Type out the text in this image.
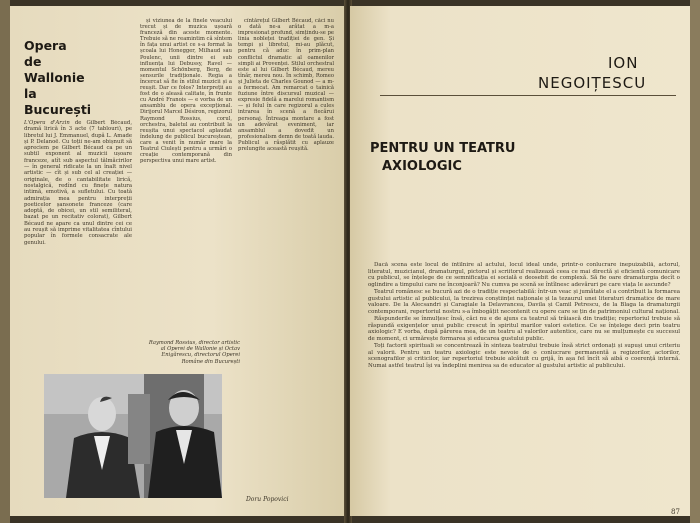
Opera
de
Wallonie
la
București
L'Opera d'Arzin de Gilbert Bécaud, dramă lirică în 3 acte (7 tablouri), pe libretul lui J. Emmanuel, după L. Amade și P. Delanoë. Cu toții ne-am obișnuit să apreciem pe Gilbert Bécaud ca pe un subtil exponent al muzicii ușoare franceze, atît sub aspectul tălmăcirilor — în general ridicate la un înalt nivel artistic — cît și sub cel al creației — originale, de o cantabilitate lirică, nostalgică, redînd cu finețe natura intimă, emotivă, a sufletului. Cu toată admirația mea pentru interpreții poeticelor șansonete franceze (care adoptă, de obicei, un stil semiliteral, bazat pe un recitativ colorat), Gilbert Bécaud ne apare ca unul dintre cei ce au reușit să imprime vitalitatea cîntului popular în formele consacrate ale genului.

și viziunea de la finele veacului trecut și de muzica ușoară franceză din aceste momente. Trebuie să ne reamintim că sîntem în fața unui artist ce s-a format la școala lui Honegger, Milhaud sau Poulenc, unii dintre ei sub influența lui Debussy, Ravel — momentul Schönberg, Berg, de sensurile tradiționale. Regia a încercat să fie în stilul muzicii și a reușit. Dar ce folos? Interpreții au fost de o aleasă calitate, în frunte cu André Franois — e vorba de un ansamblu de opera excepțional. Dirijorul Marcel Désiron, regizorul Raymond Rossius, corul, orchestra, baletul au contribuit la reușita unui spectacol aplaudat îndelung de publicul bucureștean, care a venit în număr mare la Teatrul Ciulești pentru a urmări o creație contemporană din perspectiva unui mare artist.

cîntărețul Gilbert Bécaud, căci nu o dată ne-a arătat a m-a impresionat profund, simțindu-se pe linia nobleței tradiției de gen. Și tempi și libretul, mi-au plăcut, pentru că aduc în prim-plan conflictul dramatic al oamenilor simpli ai Provenței. Stilul orchestral este al lui Gilbert Bécaud, mereu tînăr, mereu nou. În schimb, Romeo și Julieta de Charles Gounod — a m-a fermecat. Am remarcat o tainică fuziune între discursul muzical — expresie fidelă a marelui romantism — și felul în care regizorul a cules intrarea în scenă a fiecărui personaj. Întreaga montare a fost un adevărat eveniment, iar ansamblul a dovedit un profesionalism demn de toată lauda. Publicul a răsplătit cu aplauze prelungite această reușită.

Raymond Rossius, director artistic al Operei de Wallonie și Octav Enigărescu, directorul Operei Române din București
Doru Popovici
ION
NEGOIȚESCU
PENTRU UN TEATRU
AXIOLOGIC

Dacă scena este locul de întîlnire al actului, locul ideal unde, printr-o conlucrare inepuizabilă, actorul, literatul, muzicianul, dramaturgul, pictorul și scriitorul realizează ceea ce mai directă și eficientă comunicare cu publicul, se înțelege de ce semnificația ei socială e deosebit de complexă. Să fie oare dramaturgia decît o oglindire a timpului care ne înconjoară? Nu cumva pe scenă se întîlnesc adevăruri pe care viața le ascunde?

Teatrul românesc se bucură azi de o tradiție respectabilă: într-un veac și jumătate el a contribuit la formarea gustului artistic al publicului, la trezirea conștiinței naționale și la tezaurul unei literaturi dramatice de mare valoare. De la Alecsandri și Caragiale la Delavrancea, Davila și Camil Petrescu, de la Blaga la dramaturgii contemporani, repertoriul nostru s-a îmbogățit necontenit cu opere care se țin de patrimoniul cultural național.

Răspunderile se înmulțesc însă, căci nu e de ajuns ca teatrul să trăiască din tradiție; repertoriul trebuie să răspundă exigențelor unui public crescut în spiritul marilor valori estetice. Ce se înțelege deci prin teatru axiologic? E vorba, după părerea mea, de un teatru al valorilor autentice, care nu se mulțumește cu succesul de moment, ci urmărește formarea și educarea gustului public.

Toți factorii spirituali se concentrează în sinteza teatrului trebuie însă strict ordonați și supuși unui criteriu al valorii. Pentru un teatru axiologic este nevoie de o conlucrare permanentă a regizorilor, actorilor, scenografilor și criticilor, iar repertoriul trebuie alcătuit cu grijă, în așa fel încît să aibă o coerență internă. Numai astfel teatrul își va îndeplini menirea sa de educator al gustului artistic al publicului.

87
